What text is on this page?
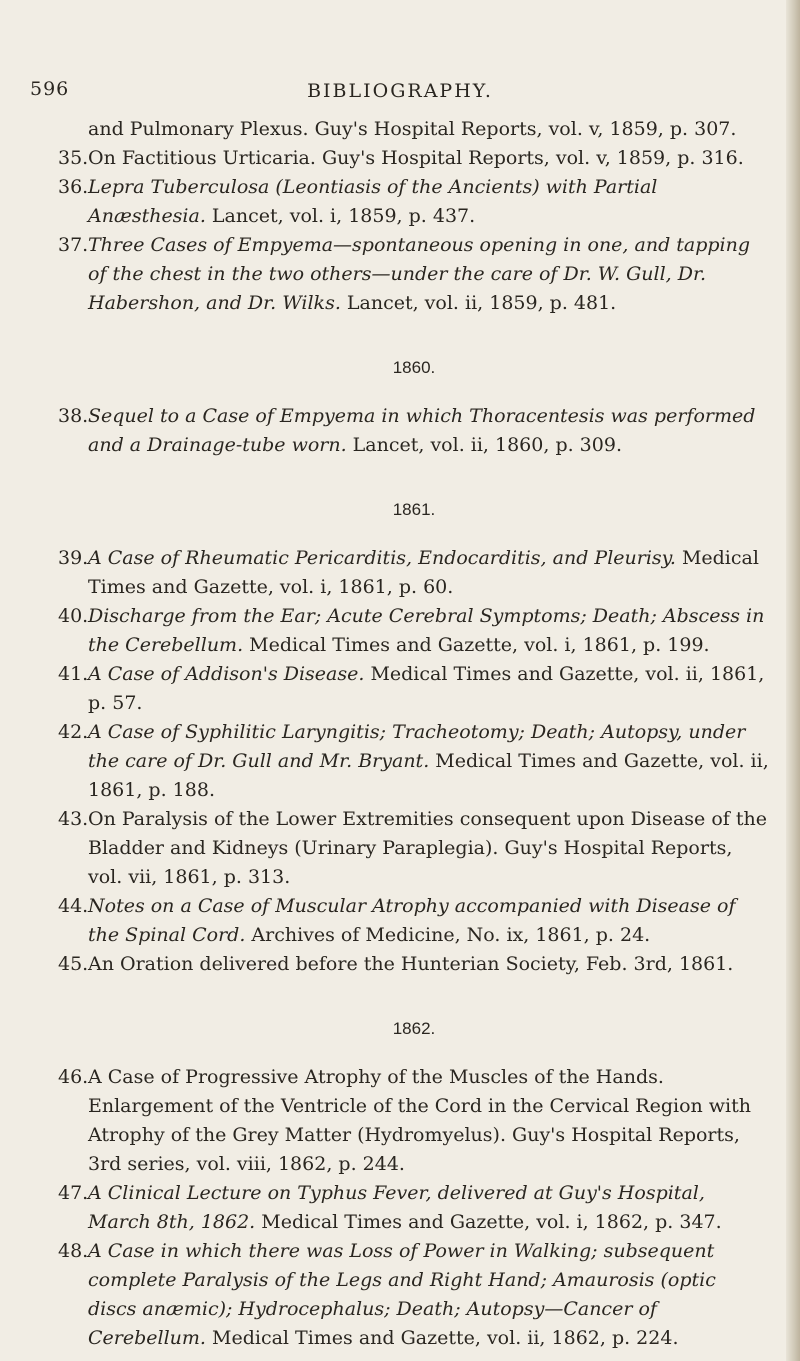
596	BIBLIOGRAPHY.

and Pulmonary Plexus. Guy's Hospital Reports, vol. v, 1859, p. 307.

35. On Factitious Urticaria. Guy's Hospital Reports, vol. v, 1859, p. 316.

36. Lepra Tuberculosa (Leontiasis of the Ancients) with Partial Anæsthesia. Lancet, vol. i, 1859, p. 437.

37. Three Cases of Empyema—spontaneous opening in one, and tapping of the chest in the two others—under the care of Dr. W. Gull, Dr. Habershon, and Dr. Wilks. Lancet, vol. ii, 1859, p. 481.

1860.

38. Sequel to a Case of Empyema in which Thoracentesis was performed and a Drainage-tube worn. Lancet, vol. ii, 1860, p. 309.

1861.

39. A Case of Rheumatic Pericarditis, Endocarditis, and Pleurisy. Medical Times and Gazette, vol. i, 1861, p. 60.

40. Discharge from the Ear; Acute Cerebral Symptoms; Death; Abscess in the Cerebellum. Medical Times and Gazette, vol. i, 1861, p. 199.

41. A Case of Addison's Disease. Medical Times and Gazette, vol. ii, 1861, p. 57.

42. A Case of Syphilitic Laryngitis; Tracheotomy; Death; Autopsy, under the care of Dr. Gull and Mr. Bryant. Medical Times and Gazette, vol. ii, 1861, p. 188.

43. On Paralysis of the Lower Extremities consequent upon Disease of the Bladder and Kidneys (Urinary Paraplegia). Guy's Hospital Reports, vol. vii, 1861, p. 313.

44. Notes on a Case of Muscular Atrophy accompanied with Disease of the Spinal Cord. Archives of Medicine, No. ix, 1861, p. 24.

45. An Oration delivered before the Hunterian Society, Feb. 3rd, 1861.

1862.

46. A Case of Progressive Atrophy of the Muscles of the Hands. Enlargement of the Ventricle of the Cord in the Cervical Region with Atrophy of the Grey Matter (Hydromyelus). Guy's Hospital Reports, 3rd series, vol. viii, 1862, p. 244.

47. A Clinical Lecture on Typhus Fever, delivered at Guy's Hospital, March 8th, 1862. Medical Times and Gazette, vol. i, 1862, p. 347.

48. A Case in which there was Loss of Power in Walking; subsequent complete Paralysis of the Legs and Right Hand; Amaurosis (optic discs anæmic); Hydrocephalus; Death; Autopsy—Cancer of Cerebellum. Medical Times and Gazette, vol. ii, 1862, p. 224.
